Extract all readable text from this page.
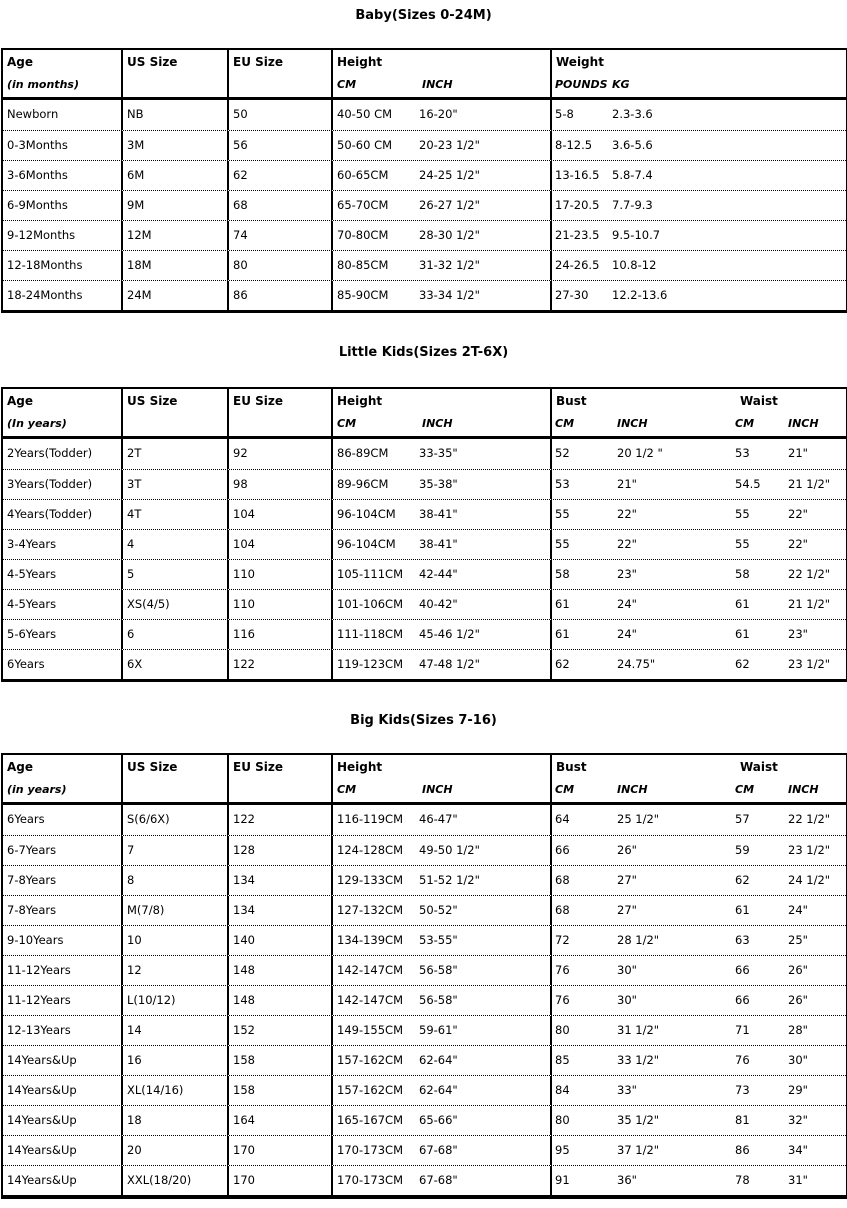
Baby(Sizes 0-24M)
Age
(in months)
US Size	EU Size	Height
CM	INCH
Weight
POUNDS KG
Newborn	NB	50	40-50 CM 16-20"	5-8	2.3-3.6
0-3Months	3M	56	50-60 CM 20-23 1/2"	8-12.5 3.6-5.6
3-6Months	6M	62	60-65CM	24-25 1/2"	13-16.5 5.8-7.4
6-9Months	9M	68	65-70CM	26-27 1/2"	17-20.5 7.7-9.3
9-12Months	12M	74	70-80CM	28-30 1/2"	21-23.5 9.5-10.7
12-18Months	18M	80	80-85CM	31-32 1/2"	24-26.5 10.8-12
18-24Months	24M	86	85-90CM	33-34 1/2"	27-30 12.2-13.6
Little Kids(Sizes 2T-6X)
Age
(In years)
US Size	EU Size	Height
CM	INCH
Bust	Waist
CM	INCH	CM	INCH
2Years(Todder)	2T	92	86-89CM	33-35"	52	20 1/2 "	53	21"
3Years(Todder)	3T	98	89-96CM	35-38"	53	21"	54.5 21 1/2"
4Years(Todder)	4T	104	96-104CM 38-41"	55	22"	55	22"
3-4Years	4	104	96-104CM 38-41"	55	22"	55	22"
4-5Years	5	110	105-111CM 42-44"	58	23"	58	22 1/2"
4-5Years	XS(4/5)	110	101-106CM 40-42"	61	24"	61	21 1/2"
5-6Years	6	116	111-118CM 45-46 1/2"	61	24"	61	23"
6Years	6X	122	119-123CM 47-48 1/2"	62	24.75"	62	23 1/2"
Big Kids(Sizes 7-16)
Age
(in years)
US Size	EU Size	Height
CM	INCH
Bust	Waist
CM	INCH	CM	INCH
6Years	S(6/6X)	122	116-119CM 46-47"	64	25 1/2"	57	22 1/2"
6-7Years	7	128	124-128CM 49-50 1/2"	66	26"	59	23 1/2"
7-8Years	8	134	129-133CM 51-52 1/2"	68	27"	62	24 1/2"
7-8Years	M(7/8)	134	127-132CM 50-52"	68	27"	61	24"
9-10Years	10	140	134-139CM 53-55"	72	28 1/2"	63	25"
11-12Years	12	148	142-147CM 56-58"	76	30"	66	26"
11-12Years	L(10/12)	148	142-147CM 56-58"	76	30"	66	26"
12-13Years	14	152	149-155CM 59-61"	80	31 1/2"	71	28"
14Years&Up	16	158	157-162CM 62-64"	85	33 1/2"	76	30"
14Years&Up	XL(14/16)	158	157-162CM 62-64"	84	33"	73	29"
14Years&Up	18	164	165-167CM 65-66"	80	35 1/2"	81	32"
14Years&Up	20	170	170-173CM 67-68"	95	37 1/2"	86	34"
14Years&Up	XXL(18/20)	170	170-173CM 67-68"	91	36"	78	31"
